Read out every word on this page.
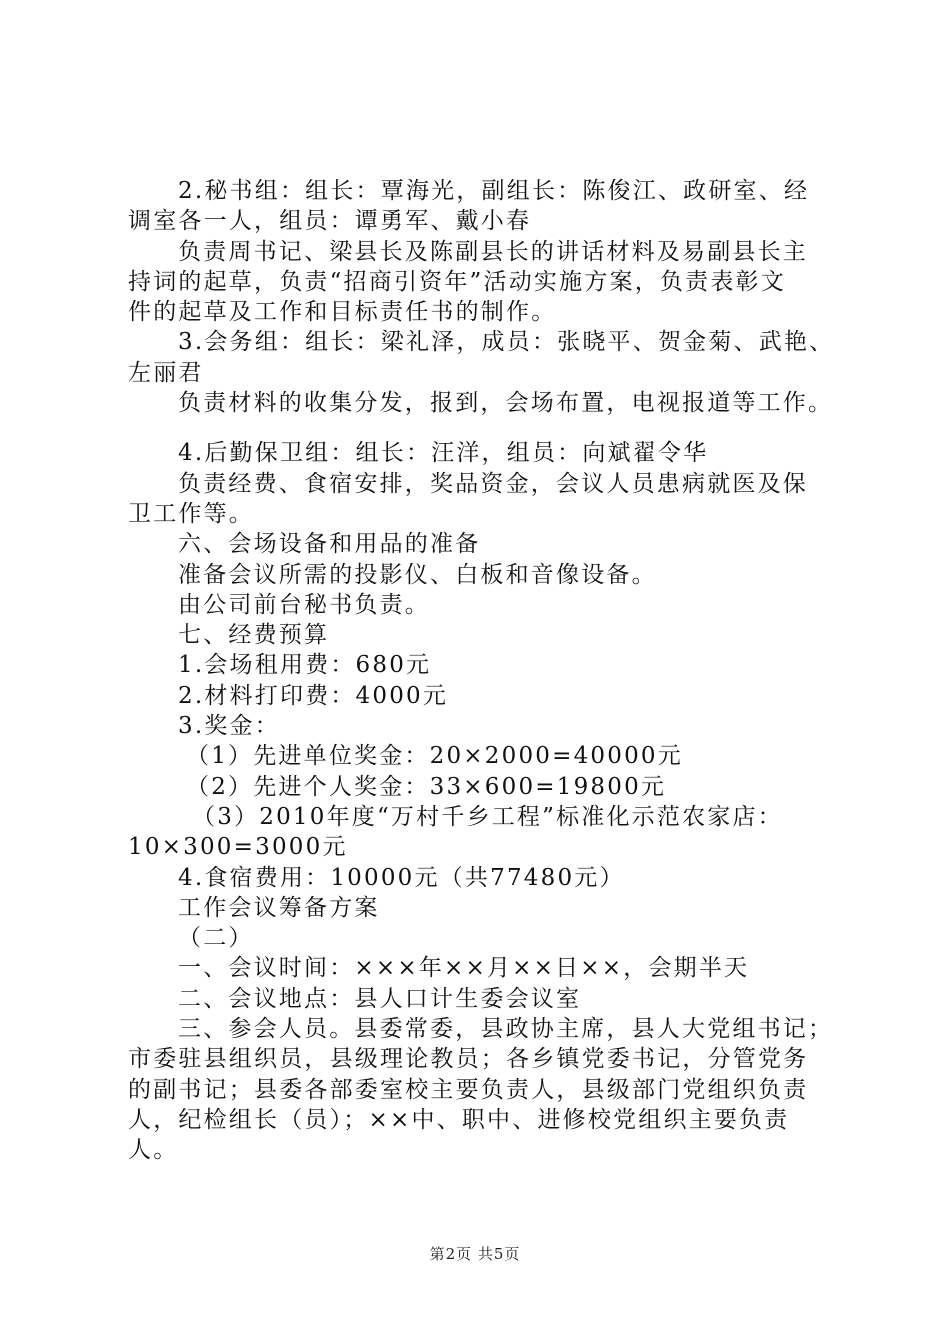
2.秘书组：组长：覃海光，副组长：陈俊江、政研室、经
调室各一人，组员：谭勇军、戴小春
负责周书记、梁县长及陈副县长的讲话材料及易副县长主
持词的起草，负责“招商引资年”活动实施方案，负责表彰文
件的起草及工作和目标责任书的制作。
3.会务组：组长：梁礼泽，成员：张晓平、贺金菊、武艳、
左丽君
负责材料的收集分发，报到，会场布置，电视报道等工作。
4.后勤保卫组：组长：汪洋，组员：向斌翟令华
负责经费、食宿安排，奖品资金，会议人员患病就医及保
卫工作等。
六、会场设备和用品的准备
准备会议所需的投影仪、白板和音像设备。
由公司前台秘书负责。
七、经费预算
1.会场租用费：680元
2.材料打印费：4000元
3.奖金：
（1）先进单位奖金：20×2000=40000元
（2）先进个人奖金：33×600=19800元
（3）2010年度“万村千乡工程”标准化示范农家店：
10×300=3000元
4.食宿费用：10000元（共77480元）
工作会议筹备方案
（二）
一、会议时间：×××年××月××日××，会期半天
二、会议地点：县人口计生委会议室
三、参会人员。县委常委，县政协主席，县人大党组书记；
市委驻县组织员，县级理论教员；各乡镇党委书记，分管党务
的副书记；县委各部委室校主要负责人，县级部门党组织负责
人，纪检组长（员）；××中、职中、进修校党组织主要负责
人。
第2页 共5页
